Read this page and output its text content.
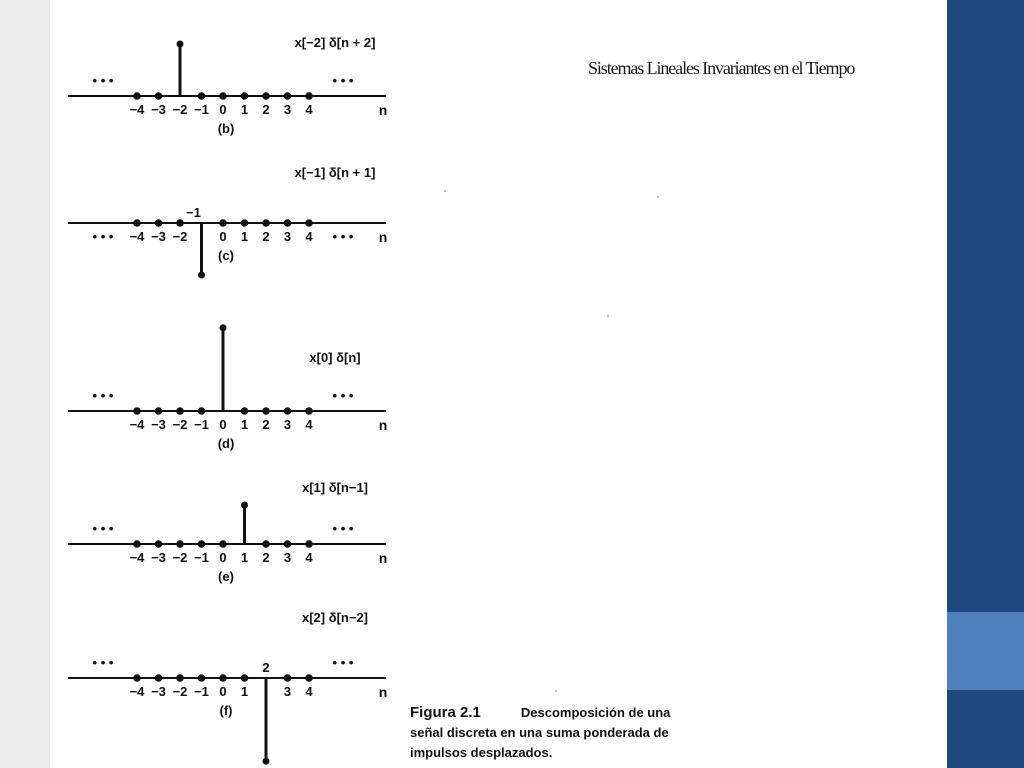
Sistemas Lineales Invariantes en el Tiempo
−4 −3 −2 −1 0 1 2 3 4	n
• • •	• • •
x[−2] δ[n + 2]
(b)
−4 −3 −2 0 1 2 3 4	n
• • •	• • •
x[−1] δ[n + 1]
(c)
−1
−4 −3 −2 −1 0 1 2 3 4	n
• • •	• • •
x[0] δ[n]
(d)
−4 −3 −2 −1 0 1 2 3 4	n
• • •	• • •
x[1] δ[n−1]
(e)
−4 −3 −2 −1 0 1	3 4	n
• • •	• • •
x[2] δ[n−2]
(f)
2
Figura 2.1	Descomposición de una
señal discreta en una suma ponderada de
impulsos desplazados.
